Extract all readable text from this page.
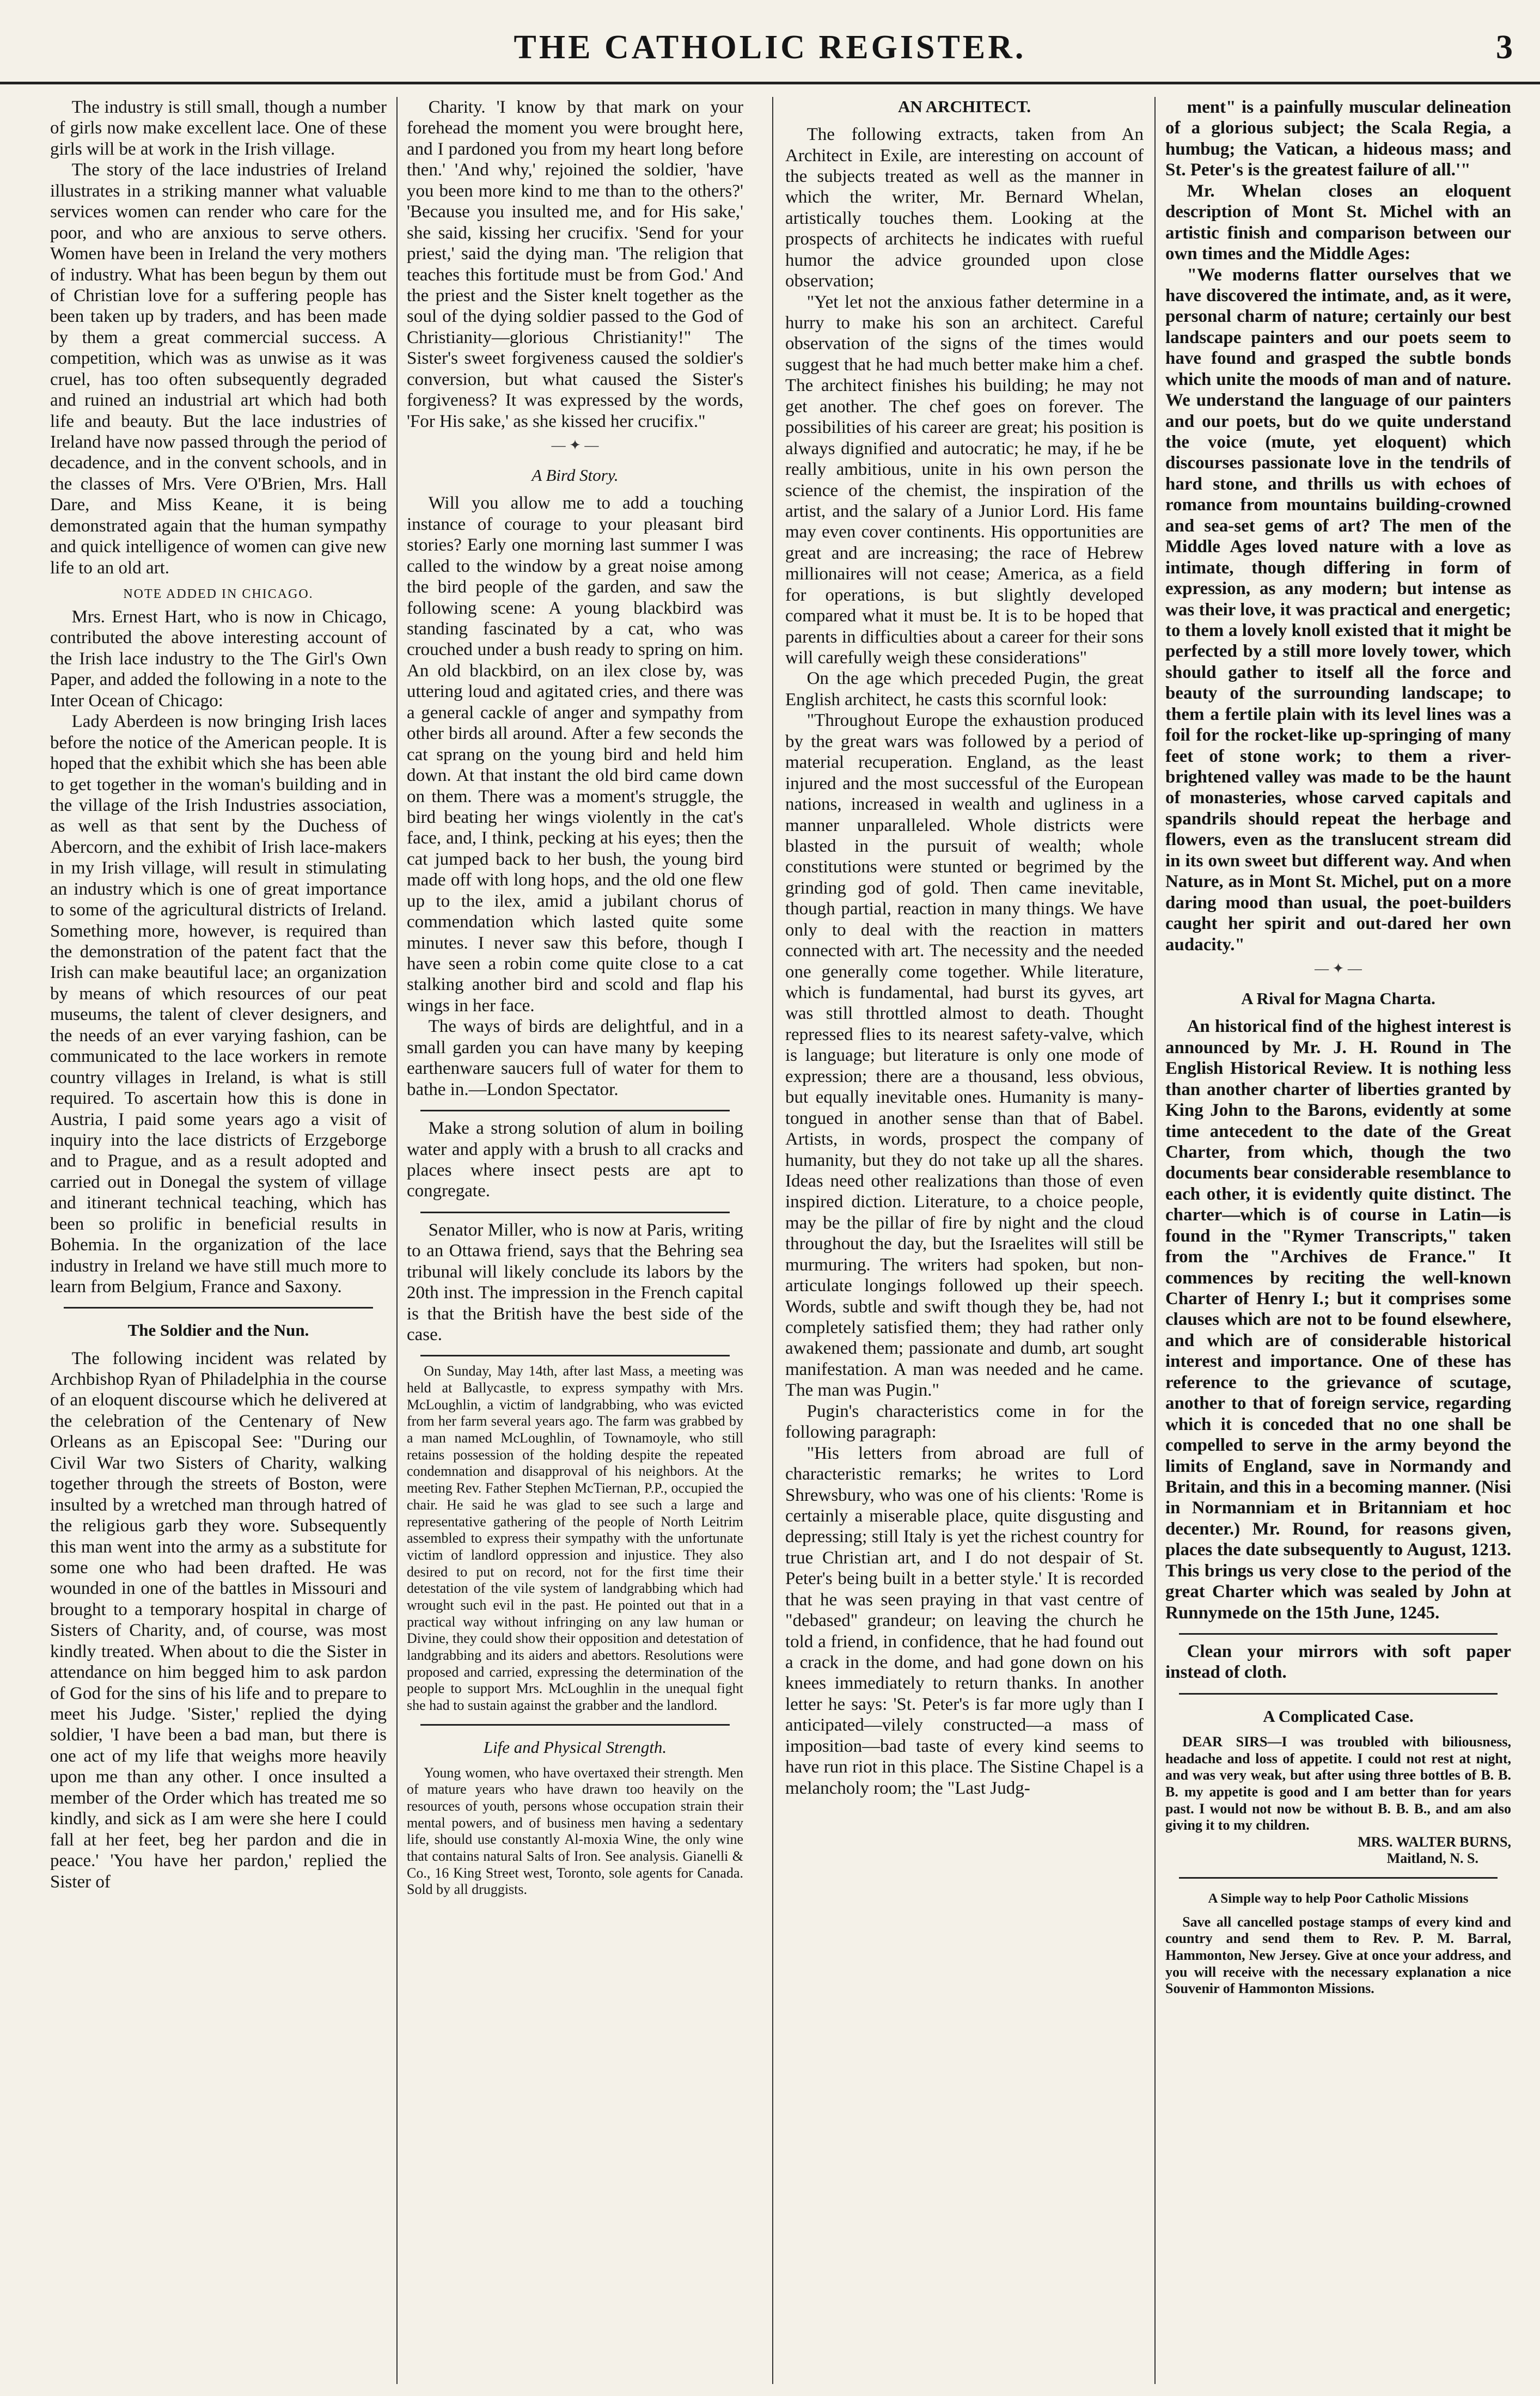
THE CATHOLIC REGISTER.	3

The industry is still small, though a number of girls now make excellent lace. One of these girls will be at work in the Irish village.

The story of the lace industries of Ireland illustrates in a striking manner what valuable services women can render who care for the poor, and who are anxious to serve others. Women have been in Ireland the very mothers of industry. What has been begun by them out of Christian love for a suffering people has been taken up by traders, and has been made by them a great commercial success. A competition, which was as unwise as it was cruel, has too often subsequently degraded and ruined an industrial art which had both life and beauty. But the lace industries of Ireland have now passed through the period of decadence, and in the convent schools, and in the classes of Mrs. Vere O'Brien, Mrs. Hall Dare, and Miss Keane, it is being demonstrated again that the human sympathy and quick intelligence of women can give new life to an old art.

NOTE ADDED IN CHICAGO.

Mrs. Ernest Hart, who is now in Chicago, contributed the above interesting account of the Irish lace industry to the The Girl's Own Paper, and added the following in a note to the Inter Ocean of Chicago:

Lady Aberdeen is now bringing Irish laces before the notice of the American people. It is hoped that the exhibit which she has been able to get together in the woman's building and in the village of the Irish Industries association, as well as that sent by the Duchess of Abercorn, and the exhibit of Irish lace-makers in my Irish village, will result in stimulating an industry which is one of great importance to some of the agricultural districts of Ireland. Something more, however, is required than the demonstration of the patent fact that the Irish can make beautiful lace; an organization by means of which resources of our peat museums, the talent of clever designers, and the needs of an ever varying fashion, can be communicated to the lace workers in remote country villages in Ireland, is what is still required. To ascertain how this is done in Austria, I paid some years ago a visit of inquiry into the lace districts of Erzgeborge and to Prague, and as a result adopted and carried out in Donegal the system of village and itinerant technical teaching, which has been so prolific in beneficial results in Bohemia. In the organization of the lace industry in Ireland we have still much more to learn from Belgium, France and Saxony.

The Soldier and the Nun.

The following incident was related by Archbishop Ryan of Philadelphia in the course of an eloquent discourse which he delivered at the celebration of the Centenary of New Orleans as an Episcopal See: "During our Civil War two Sisters of Charity, walking together through the streets of Boston, were insulted by a wretched man through hatred of the religious garb they wore. Subsequently this man went into the army as a substitute for some one who had been drafted. He was wounded in one of the battles in Missouri and brought to a temporary hospital in charge of Sisters of Charity, and, of course, was most kindly treated. When about to die the Sister in attendance on him begged him to ask pardon of God for the sins of his life and to prepare to meet his Judge. 'Sister,' replied the dying soldier, 'I have been a bad man, but there is one act of my life that weighs more heavily upon me than any other. I once insulted a member of the Order which has treated me so kindly, and sick as I am were she here I could fall at her feet, beg her pardon and die in peace.' 'You have her pardon,' replied the Sister of

Charity. 'I know by that mark on your forehead the moment you were brought here, and I pardoned you from my heart long before then.' 'And why,' rejoined the soldier, 'have you been more kind to me than to the others?' 'Because you insulted me, and for His sake,' she said, kissing her crucifix. 'Send for your priest,' said the dying man. 'The religion that teaches this fortitude must be from God.' And the priest and the Sister knelt together as the soul of the dying soldier passed to the God of Christianity—glorious Christianity!" The Sister's sweet forgiveness caused the soldier's conversion, but what caused the Sister's forgiveness? It was expressed by the words, 'For His sake,' as she kissed her crucifix."

— ✦ —
A Bird Story.

Will you allow me to add a touching instance of courage to your pleasant bird stories? Early one morning last summer I was called to the window by a great noise among the bird people of the garden, and saw the following scene: A young blackbird was standing fascinated by a cat, who was crouched under a bush ready to spring on him. An old blackbird, on an ilex close by, was uttering loud and agitated cries, and there was a general cackle of anger and sympathy from other birds all around. After a few seconds the cat sprang on the young bird and held him down. At that instant the old bird came down on them. There was a moment's struggle, the bird beating her wings violently in the cat's face, and, I think, pecking at his eyes; then the cat jumped back to her bush, the young bird made off with long hops, and the old one flew up to the ilex, amid a jubilant chorus of commendation which lasted quite some minutes. I never saw this before, though I have seen a robin come quite close to a cat stalking another bird and scold and flap his wings in her face.

The ways of birds are delightful, and in a small garden you can have many by keeping earthenware saucers full of water for them to bathe in.—London Spectator.

Make a strong solution of alum in boiling water and apply with a brush to all cracks and places where insect pests are apt to congregate.

Senator Miller, who is now at Paris, writing to an Ottawa friend, says that the Behring sea tribunal will likely conclude its labors by the 20th inst. The impression in the French capital is that the British have the best side of the case.

On Sunday, May 14th, after last Mass, a meeting was held at Ballycastle, to express sympathy with Mrs. McLoughlin, a victim of landgrabbing, who was evicted from her farm several years ago. The farm was grabbed by a man named McLoughlin, of Townamoyle, who still retains possession of the holding despite the repeated condemnation and disapproval of his neighbors. At the meeting Rev. Father Stephen McTiernan, P.P., occupied the chair. He said he was glad to see such a large and representative gathering of the people of North Leitrim assembled to express their sympathy with the unfortunate victim of landlord oppression and injustice. They also desired to put on record, not for the first time their detestation of the vile system of landgrabbing which had wrought such evil in the past. He pointed out that in a practical way without infringing on any law human or Divine, they could show their opposition and detestation of landgrabbing and its aiders and abettors. Resolutions were proposed and carried, expressing the determination of the people to support Mrs. McLoughlin in the unequal fight she had to sustain against the grabber and the landlord.

Life and Physical Strength.

Young women, who have overtaxed their strength. Men of mature years who have drawn too heavily on the resources of youth, persons whose occupation strain their mental powers, and of business men having a sedentary life, should use constantly Al-moxia Wine, the only wine that contains natural Salts of Iron. See analysis. Gianelli & Co., 16 King Street west, Toronto, sole agents for Canada. Sold by all druggists.

AN ARCHITECT.

The following extracts, taken from An Architect in Exile, are interesting on account of the subjects treated as well as the manner in which the writer, Mr. Bernard Whelan, artistically touches them. Looking at the prospects of architects he indicates with rueful humor the advice grounded upon close observation;

"Yet let not the anxious father determine in a hurry to make his son an architect. Careful observation of the signs of the times would suggest that he had much better make him a chef. The architect finishes his building; he may not get another. The chef goes on forever. The possibilities of his career are great; his position is always dignified and autocratic; he may, if he be really ambitious, unite in his own person the science of the chemist, the inspiration of the artist, and the salary of a Junior Lord. His fame may even cover continents. His opportunities are great and are increasing; the race of Hebrew millionaires will not cease; America, as a field for operations, is but slightly developed compared what it must be. It is to be hoped that parents in difficulties about a career for their sons will carefully weigh these considerations"

On the age which preceded Pugin, the great English architect, he casts this scornful look:

"Throughout Europe the exhaustion produced by the great wars was followed by a period of material recuperation. England, as the least injured and the most successful of the European nations, increased in wealth and ugliness in a manner unparalleled. Whole districts were blasted in the pursuit of wealth; whole constitutions were stunted or begrimed by the grinding god of gold. Then came inevitable, though partial, reaction in many things. We have only to deal with the reaction in matters connected with art. The necessity and the needed one generally come together. While literature, which is fundamental, had burst its gyves, art was still throttled almost to death. Thought repressed flies to its nearest safety-valve, which is language; but literature is only one mode of expression; there are a thousand, less obvious, but equally inevitable ones. Humanity is many-tongued in another sense than that of Babel. Artists, in words, prospect the company of humanity, but they do not take up all the shares. Ideas need other realizations than those of even inspired diction. Literature, to a choice people, may be the pillar of fire by night and the cloud throughout the day, but the Israelites will still be murmuring. The writers had spoken, but non-articulate longings followed up their speech. Words, subtle and swift though they be, had not completely satisfied them; they had rather only awakened them; passionate and dumb, art sought manifestation. A man was needed and he came. The man was Pugin."

Pugin's characteristics come in for the following paragraph:

"His letters from abroad are full of characteristic remarks; he writes to Lord Shrewsbury, who was one of his clients: 'Rome is certainly a miserable place, quite disgusting and depressing; still Italy is yet the richest country for true Christian art, and I do not despair of St. Peter's being built in a better style.' It is recorded that he was seen praying in that vast centre of "debased" grandeur; on leaving the church he told a friend, in confidence, that he had found out a crack in the dome, and had gone down on his knees immediately to return thanks. In another letter he says: 'St. Peter's is far more ugly than I anticipated—vilely constructed—a mass of imposition—bad taste of every kind seems to have run riot in this place. The Sistine Chapel is a melancholy room; the "Last Judg-

ment" is a painfully muscular delineation of a glorious subject; the Scala Regia, a humbug; the Vatican, a hideous mass; and St. Peter's is the greatest failure of all.'"

Mr. Whelan closes an eloquent description of Mont St. Michel with an artistic finish and comparison between our own times and the Middle Ages:

"We moderns flatter ourselves that we have discovered the intimate, and, as it were, personal charm of nature; certainly our best landscape painters and our poets seem to have found and grasped the subtle bonds which unite the moods of man and of nature. We understand the language of our painters and our poets, but do we quite understand the voice (mute, yet eloquent) which discourses passionate love in the tendrils of hard stone, and thrills us with echoes of romance from mountains building-crowned and sea-set gems of art? The men of the Middle Ages loved nature with a love as intimate, though differing in form of expression, as any modern; but intense as was their love, it was practical and energetic; to them a lovely knoll existed that it might be perfected by a still more lovely tower, which should gather to itself all the force and beauty of the surrounding landscape; to them a fertile plain with its level lines was a foil for the rocket-like up-springing of many feet of stone work; to them a river-brightened valley was made to be the haunt of monasteries, whose carved capitals and spandrils should repeat the herbage and flowers, even as the translucent stream did in its own sweet but different way. And when Nature, as in Mont St. Michel, put on a more daring mood than usual, the poet-builders caught her spirit and out-dared her own audacity."

— ✦ —
A Rival for Magna Charta.

An historical find of the highest interest is announced by Mr. J. H. Round in The English Historical Review. It is nothing less than another charter of liberties granted by King John to the Barons, evidently at some time antecedent to the date of the Great Charter, from which, though the two documents bear considerable resemblance to each other, it is evidently quite distinct. The charter—which is of course in Latin—is found in the "Rymer Transcripts," taken from the "Archives de France." It commences by reciting the well-known Charter of Henry I.; but it comprises some clauses which are not to be found elsewhere, and which are of considerable historical interest and importance. One of these has reference to the grievance of scutage, another to that of foreign service, regarding which it is conceded that no one shall be compelled to serve in the army beyond the limits of England, save in Normandy and Britain, and this in a becoming manner. (Nisi in Normanniam et in Britanniam et hoc decenter.) Mr. Round, for reasons given, places the date subsequently to August, 1213. This brings us very close to the period of the great Charter which was sealed by John at Runnymede on the 15th June, 1245.

Clean your mirrors with soft paper instead of cloth.

A Complicated Case.

DEAR SIRS—I was troubled with biliousness, headache and loss of appetite. I could not rest at night, and was very weak, but after using three bottles of B. B. B. my appetite is good and I am better than for years past. I would not now be without B. B. B., and am also giving it to my children.

MRS. WALTER BURNS,
Maitland, N. S.
A Simple way to help Poor Catholic Missions

Save all cancelled postage stamps of every kind and country and send them to Rev. P. M. Barral, Hammonton, New Jersey. Give at once your address, and you will receive with the necessary explanation a nice Souvenir of Hammonton Missions.
